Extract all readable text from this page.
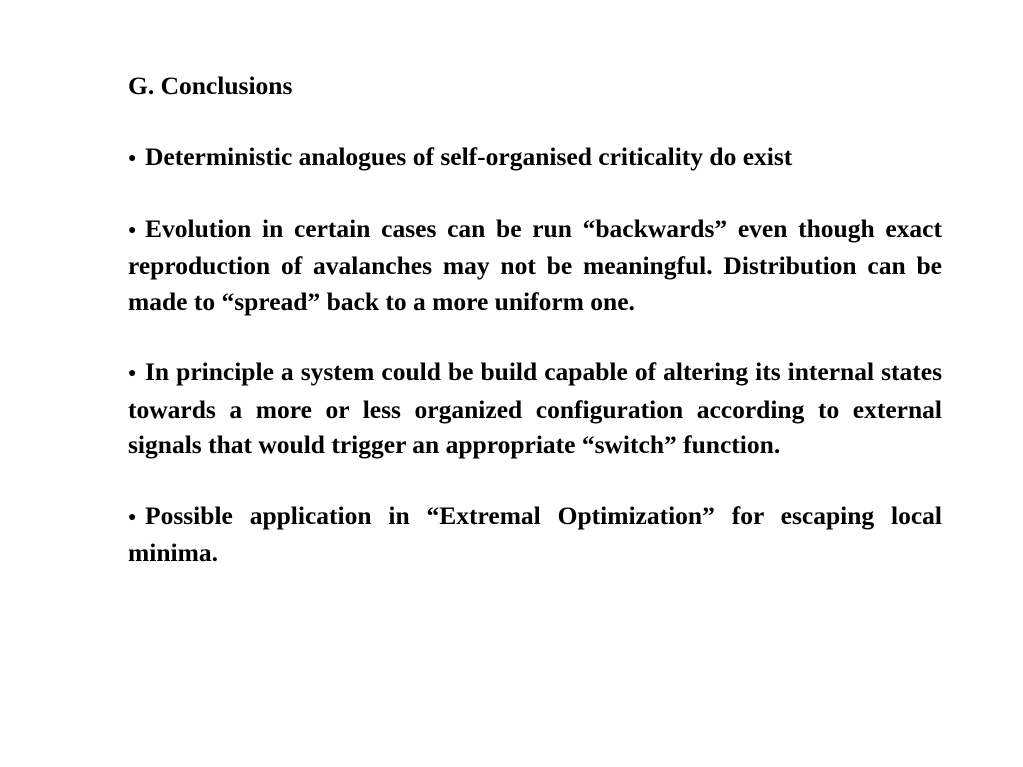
G. Conclusions
●Deterministic analogues of self-organised criticality do exist
●Evolution in certain cases can be run “backwards” even though exact reproduction of avalanches may not be meaningful. Distribution can be made to “spread” back to a more uniform one.
●In principle a system could be build capable of altering its internal states towards a more or less organized configuration according to external signals that would trigger an appropriate “switch” function.
●Possible application in “Extremal Optimization” for escaping local minima.
